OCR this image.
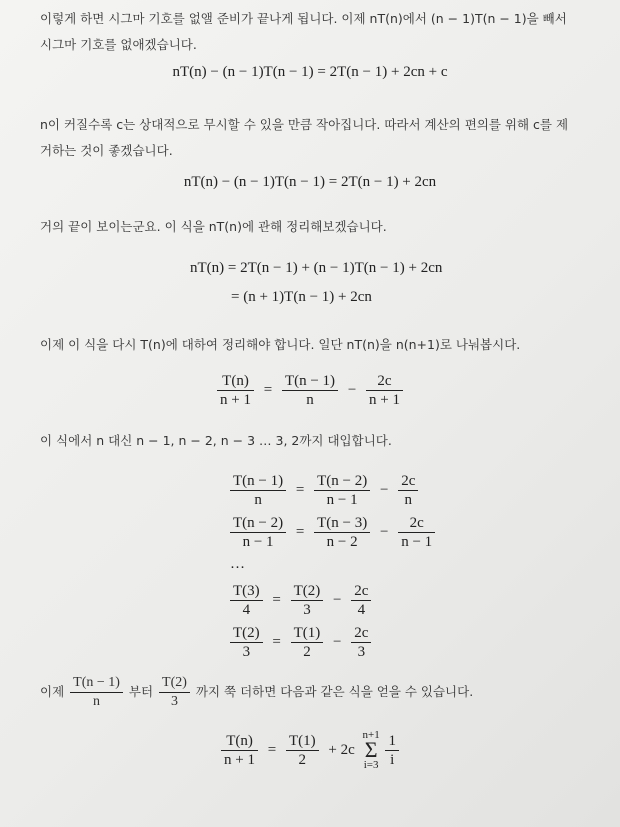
이렇게 하면 시그마 기호를 없앨 준비가 끝나게 됩니다. 이제 nT(n)에서 (n − 1)T(n − 1)을 빼서
시그마 기호를 없애겠습니다.
nT(n) − (n − 1)T(n − 1) = 2T(n − 1) + 2cn + c
n이 커질수록 c는 상대적으로 무시할 수 있을 만큼 작아집니다. 따라서 계산의 편의를 위해 c를 제
거하는 것이 좋겠습니다.
nT(n) − (n − 1)T(n − 1) = 2T(n − 1) + 2cn
거의 끝이 보이는군요. 이 식을 nT(n)에 관해 정리해보겠습니다.
nT(n) = 2T(n − 1) + (n − 1)T(n − 1) + 2cn
= (n + 1)T(n − 1) + 2cn
이제 이 식을 다시 T(n)에 대하여 정리해야 합니다. 일단 nT(n)을 n(n+1)로 나눠봅시다.
$\frac{T(n)}{n + 1} = \frac{T(n - 1)}{n} - \frac{2c}{n + 1}$
이 식에서 n 대신 n − 1, n − 2, n − 3 … 3, 2까지 대입합니다.
$\frac{T(n - 1)}{n} = \frac{T(n - 2)}{n - 1} - \frac{2c}{n}$
$\frac{T(n - 2)}{n - 1} = \frac{T(n - 3)}{n - 2} - \frac{2c}{n - 1}$
…
$\frac{T(3)}{4} = \frac{T(2)}{3} - \frac{2c}{4}$
$\frac{T(2)}{3} = \frac{T(1)}{2} - \frac{2c}{3}$
이제 $\frac{T(n - 1)}{n}$ 부터 $\frac{T(2)}{3}$ 까지 쭉 더하면 다음과 같은 식을 얻을 수 있습니다.
$\frac{T(n)}{n + 1} = \frac{T(1)}{2} + 2c$
n+1
Σ
i=3
$\frac{1}{i}$
